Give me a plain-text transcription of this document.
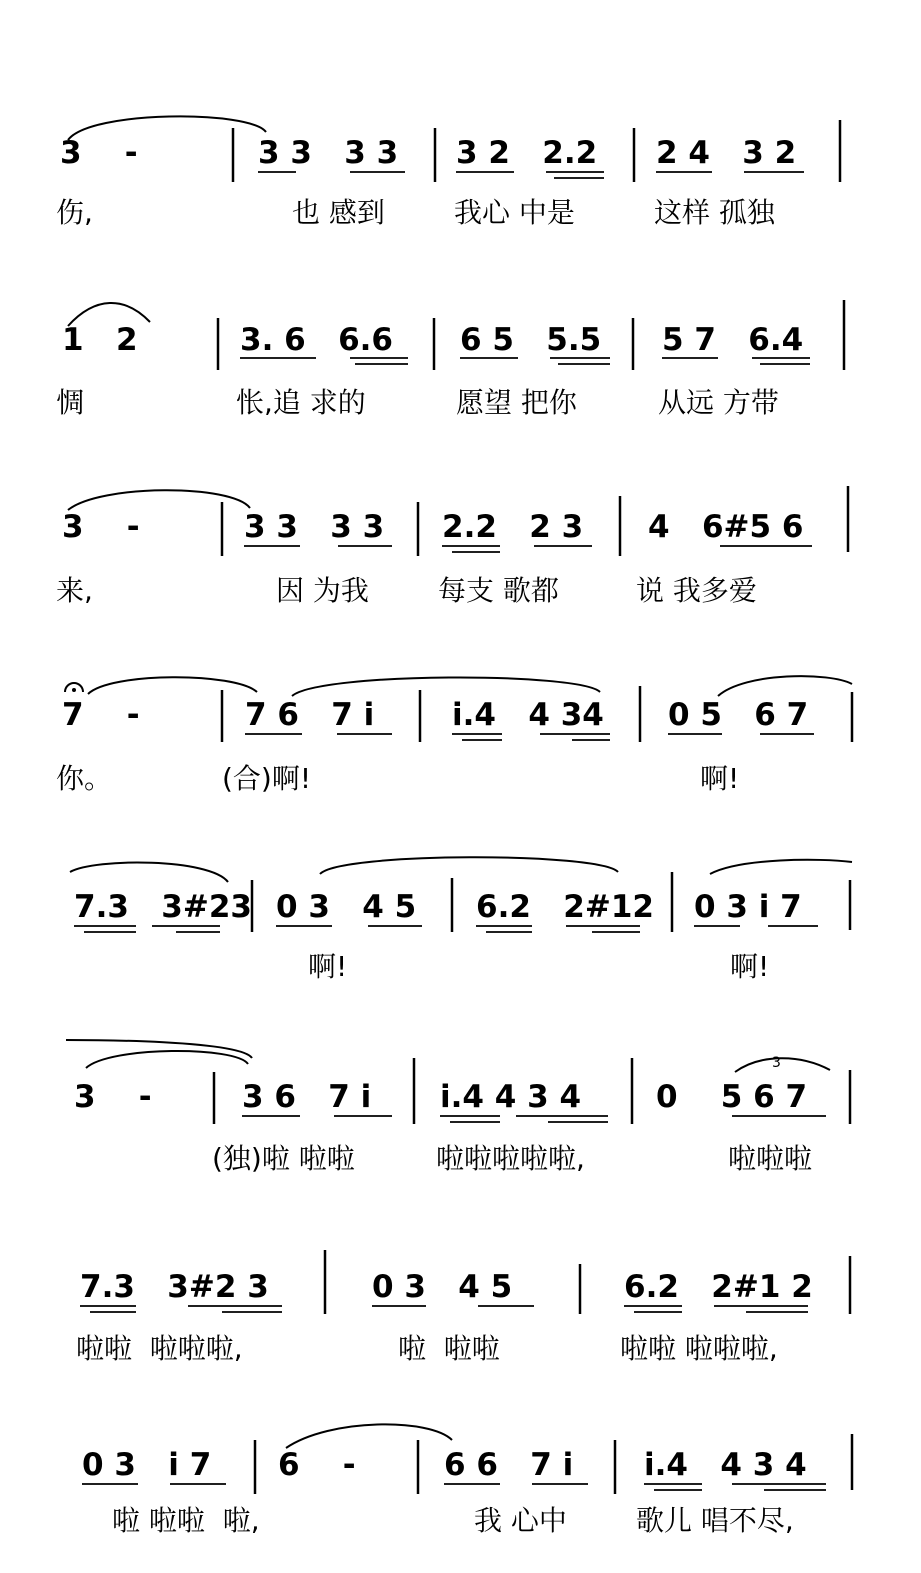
3
3    -	3 3   3 3 3 2   2.2 2 4   3 2
1   2	3. 6   6.6 6 5   5.5 5 7   6.4
3    -	3 3   3 3 2.2   2 3 4   6#5 6
7    -	7 6   7 i	i.4   4 34 0 5   6 7
7.3   3#23 0 3   4 5 6.2   2#12 0 3 i 7
3    -	3 6   7 i i.4 4 3 4 0    5 6 7
7.3   3#2 3	0 3   4 5	6.2   2#1 2
0 3   i 7 6    -	6 6   7 i i.4   4 3 4
伤,	也 感到 我心 中是	这样 孤独
惆	怅,追 求的	愿望 把你	从远 方带
来,	因 为我 每支 歌都	说 我多爱
你。	(合)啊!	啊!
啊!	啊!
(独)啦 啦啦	啦啦啦啦啦,	啦啦啦
啦啦  啦啦啦,	啦  啦啦	啦啦 啦啦啦,
啦 啦啦  啦,	我 心中 歌儿 唱不尽,
